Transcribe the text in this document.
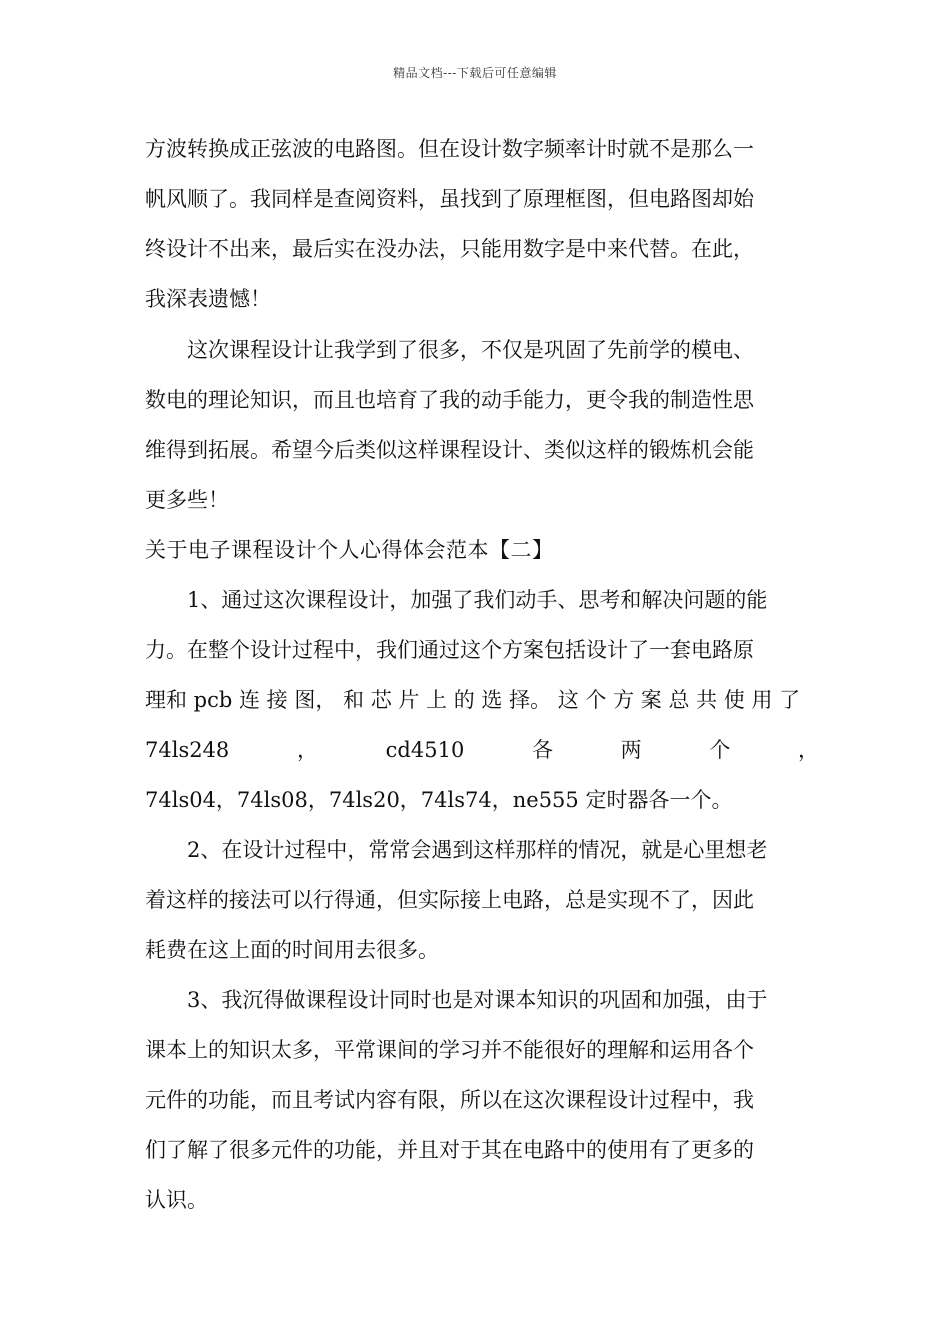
精品文档---下载后可任意编辑
方波转换成正弦波的电路图。但在设计数字频率计时就不是那么一
帆风顺了。我同样是查阅资料，虽找到了原理框图，但电路图却始
终设计不出来，最后实在没办法，只能用数字是中来代替。在此，
我深表遗憾！
这次课程设计让我学到了很多，不仅是巩固了先前学的模电、
数电的理论知识，而且也培育了我的动手能力，更令我的制造性思
维得到拓展。希望今后类似这样课程设计、类似这样的锻炼机会能
更多些！
关于电子课程设计个人心得体会范本【二】
1、通过这次课程设计，加强了我们动手、思考和解决问题的能
力。在整个设计过程中，我们通过这个方案包括设计了一套电路原
理和 pcb 连 接 图， 和 芯 片 上 的 选 择。 这 个 方 案 总 共 使 用 了
74ls248	，	cd4510	各	两	个	，
74ls04，74ls08，74ls20，74ls74，ne555 定时器各一个。
2、在设计过程中，常常会遇到这样那样的情况，就是心里想老
着这样的接法可以行得通，但实际接上电路，总是实现不了，因此
耗费在这上面的时间用去很多。
3、我沉得做课程设计同时也是对课本知识的巩固和加强，由于
课本上的知识太多，平常课间的学习并不能很好的理解和运用各个
元件的功能，而且考试内容有限，所以在这次课程设计过程中，我
们了解了很多元件的功能，并且对于其在电路中的使用有了更多的
认识。
